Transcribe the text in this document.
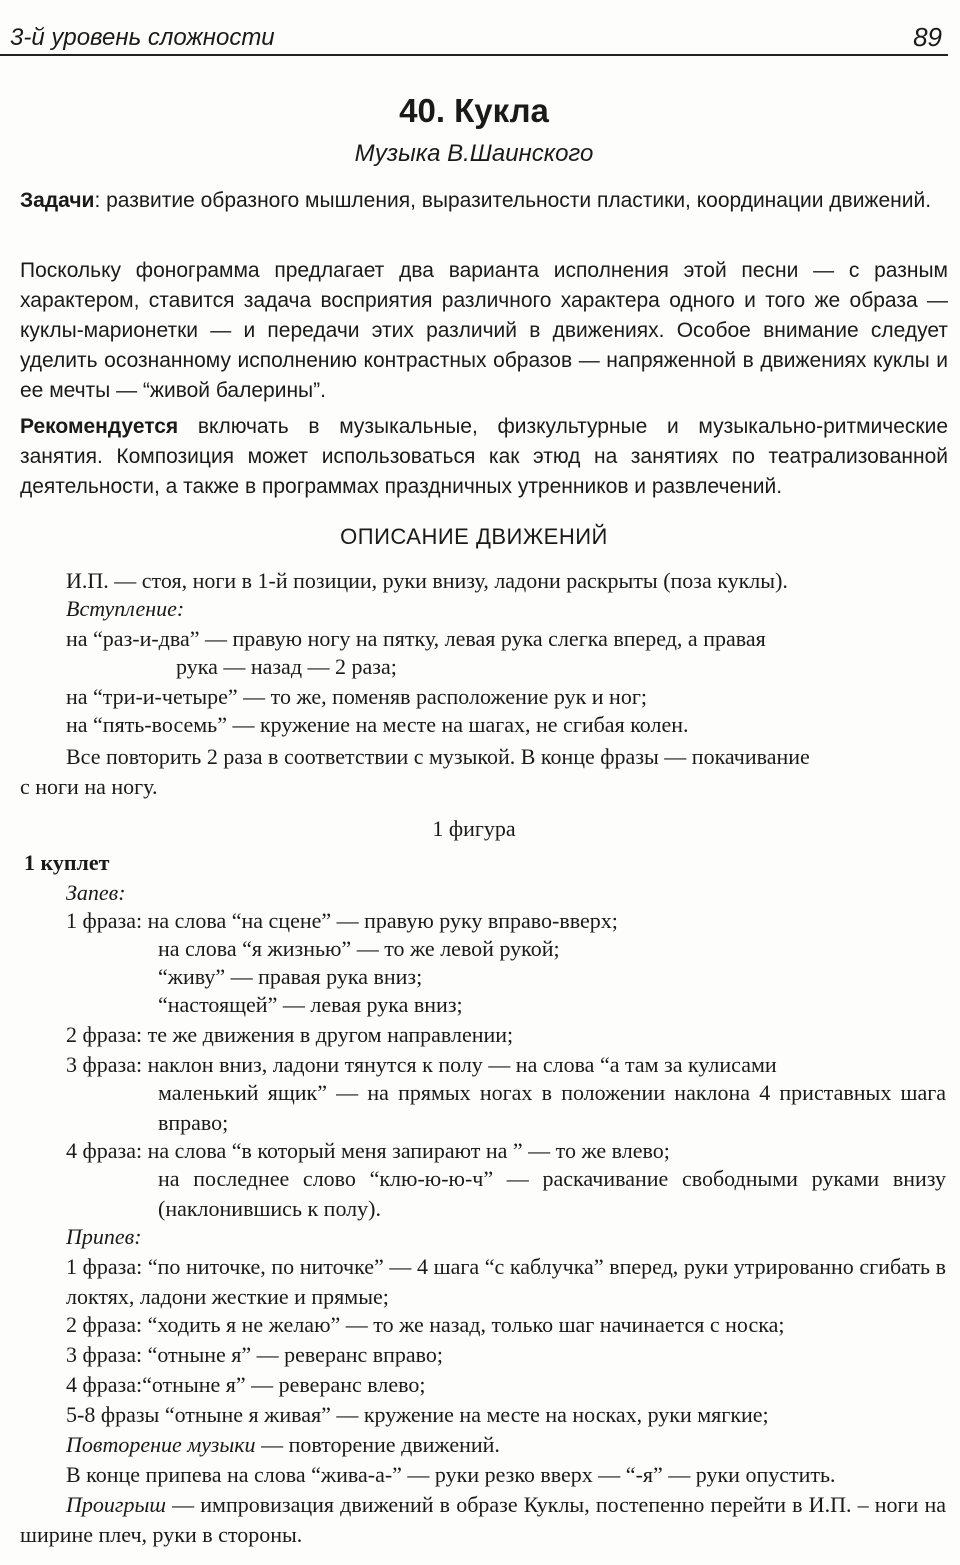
3-й уровень сложности	89
40. Кукла
Музыка В.Шаинского

Задачи: развитие образного мышления, выразительности пластики, координации движений.

Поскольку фонограмма предлагает два варианта исполнения этой песни — с разным характером, ставится задача восприятия различного характера одного и того же образа — куклы-марионетки — и передачи этих различий в движениях. Особое внимание следует уделить осознанному исполнению контрастных образов — напряженной в движениях куклы и ее мечты — “живой балерины”.

Рекомендуется включать в музыкальные, физкультурные и музыкально-ритмические занятия. Композиция может использоваться как этюд на занятиях по театрализованной деятельности, а также в программах праздничных утренников и развлечений.

ОПИСАНИЕ ДВИЖЕНИЙ
И.П. — стоя, ноги в 1-й позиции, руки внизу, ладони раскрыты (поза куклы).
Вступление:
на “раз-и-два” — правую ногу на пятку, левая рука слегка вперед, а правая
рука — назад — 2 раза;
на “три-и-четыре” — то же, поменяв расположение рук и ног;
на “пять-восемь” — кружение на месте на шагах, не сгибая колен.
Все повторить 2 раза в соответствии с музыкой. В конце фразы — покачивание
с ноги на ногу.
1 фигура
1 куплет
Запев:
1 фраза: на слова “на сцене” — правую руку вправо-вверх;
на слова “я жизнью” — то же левой рукой;
“живу” — правая рука вниз;
“настоящей” — левая рука вниз;
2 фраза: те же движения в другом направлении;
3 фраза: наклон вниз, ладони тянутся к полу — на слова “а там за кулисами
маленький ящик” — на прямых ногах в положении наклона 4 приставных шага вправо;
4 фраза: на слова “в который меня запирают на ” — то же влево;
на последнее слово “клю-ю-ю-ч” — раскачивание свободными руками внизу (наклонившись к полу).
Припев:
1 фраза: “по ниточке, по ниточке” — 4 шага “с каблучка” вперед, руки утрированно сгибать в локтях, ладони жесткие и прямые;
2 фраза: “ходить я не желаю” — то же назад, только шаг начинается с носка;
3 фраза: “отныне я” — реверанс вправо;
4 фраза:“отныне я” — реверанс влево;
5-8 фразы “отныне я живая” — кружение на месте на носках, руки мягкие;
Повторение музыки — повторение движений.
В конце припева на слова “жива-а-” — руки резко вверх — “-я” — руки опустить.
Проигрыш — импровизация движений в образе Куклы, постепенно перейти в И.П. – ноги на ширине плеч, руки в стороны.
